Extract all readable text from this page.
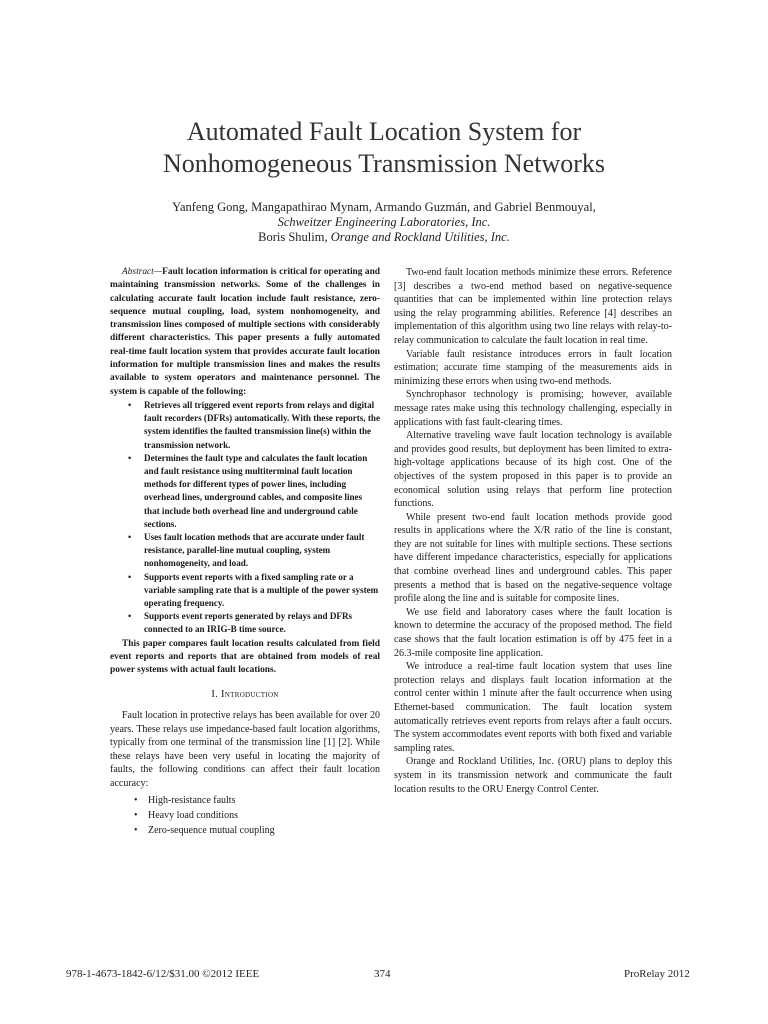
Automated Fault Location System for
Nonhomogeneous Transmission Networks
Yanfeng Gong, Mangapathirao Mynam, Armando Guzmán, and Gabriel Benmouyal,
Schweitzer Engineering Laboratories, Inc.
Boris Shulim, Orange and Rockland Utilities, Inc.

Abstract—Fault location information is critical for operating and maintaining transmission networks. Some of the challenges in calculating accurate fault location include fault resistance, zero-sequence mutual coupling, load, system nonhomogeneity, and transmission lines composed of multiple sections with considerably different characteristics. This paper presents a fully automated real-time fault location system that provides accurate fault location information for multiple transmission lines and makes the results available to system operators and maintenance personnel. The system is capable of the following:

• Retrieves all triggered event reports from relays and digital fault recorders (DFRs) automatically. With these reports, the system identifies the faulted transmission line(s) within the transmission network.
• Determines the fault type and calculates the fault location and fault resistance using multiterminal fault location methods for different types of power lines, including overhead lines, underground cables, and composite lines that include both overhead line and underground cable sections.
• Uses fault location methods that are accurate under fault resistance, parallel-line mutual coupling, system nonhomogeneity, and load.
• Supports event reports with a fixed sampling rate or a variable sampling rate that is a multiple of the power system operating frequency.
• Supports event reports generated by relays and DFRs connected to an IRIG-B time source.

This paper compares fault location results calculated from field event reports and reports that are obtained from models of real power systems with actual fault locations.

I. Introduction

Fault location in protective relays has been available for over 20 years. These relays use impedance-based fault location algorithms, typically from one terminal of the transmission line [1] [2]. While these relays have been very useful in locating the majority of faults, the following conditions can affect their fault location accuracy:

• High-resistance faults
• Heavy load conditions
• Zero-sequence mutual coupling

Two-end fault location methods minimize these errors. Reference [3] describes a two-end method based on negative-sequence quantities that can be implemented within line protection relays using the relay programming abilities. Reference [4] describes an implementation of this algorithm using two line relays with relay-to-relay communication to calculate the fault location in real time.

Variable fault resistance introduces errors in fault location estimation; accurate time stamping of the measurements aids in minimizing these errors when using two-end methods.

Synchrophasor technology is promising; however, available message rates make using this technology challenging, especially in applications with fast fault-clearing times.

Alternative traveling wave fault location technology is available and provides good results, but deployment has been limited to extra-high-voltage applications because of its high cost. One of the objectives of the system proposed in this paper is to provide an economical solution using relays that perform line protection functions.

While present two-end fault location methods provide good results in applications where the X/R ratio of the line is constant, they are not suitable for lines with multiple sections. These sections have different impedance characteristics, especially for applications that combine overhead lines and underground cables. This paper presents a method that is based on the negative-sequence voltage profile along the line and is suitable for composite lines.

We use field and laboratory cases where the fault location is known to determine the accuracy of the proposed method. The field case shows that the fault location estimation is off by 475 feet in a 26.3-mile composite line application.

We introduce a real-time fault location system that uses line protection relays and displays fault location information at the control center within 1 minute after the fault occurrence when using Ethernet-based communication. The fault location system automatically retrieves event reports from relays after a fault occurs. The system accommodates event reports with both fixed and variable sampling rates.

Orange and Rockland Utilities, Inc. (ORU) plans to deploy this system in its transmission network and communicate the fault location results to the ORU Energy Control Center.

978-1-4673-1842-6/12/$31.00 ©2012 IEEE	374	ProRelay 2012
